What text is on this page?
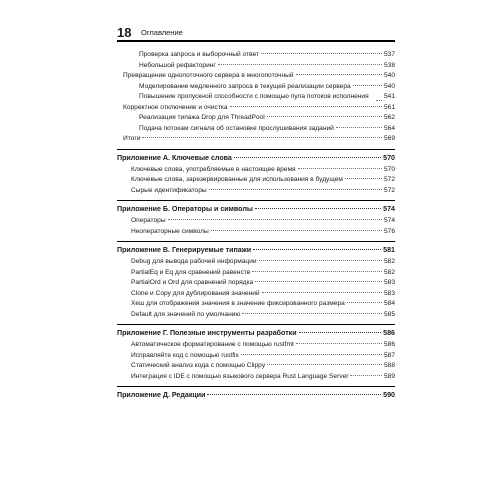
18	Оглавление
Проверка запроса и выборочный ответ	537
Небольшой рефакторинг	538
Превращение однопоточного сервера в многопоточный	540
Моделирование медленного запроса в текущей реализации сервера	540
Повышение пропускной способности с помощью пула потоков исполнения	541
Корректное отключение и очистка	561
Реализация типажа Drop для ThreadPool	562
Подача потокам сигнала об остановке прослушивания заданий	564
Итоги	569
Приложение А. Ключевые слова	570
Ключевые слова, употребляемые в настоящее время	570
Ключевые слова, зарезервированные для использования в будущем	572
Сырые идентификаторы	572
Приложение Б. Операторы и символы	574
Операторы	574
Неоператорные символы	576
Приложение В. Генерируемые типажи	581
Debug для вывода рабочей информации	582
PartialEq и Eq для сравнений равенств	582
PartialOrd и Ord для сравнений порядка	583
Clone и Copy для дублирования значений	583
Хеш для отображения значения в значение фиксированного размера	584
Default для значений по умолчанию	585
Приложение Г. Полезные инструменты разработки	586
Автоматическое форматирование с помощью rustfmt	586
Исправляйте код с помощью rustfix	587
Статический анализ кода с помощью Clippy	588
Интеграция с IDE с помощью языкового сервера Rust Language Server	589
Приложение Д. Редакции	590
